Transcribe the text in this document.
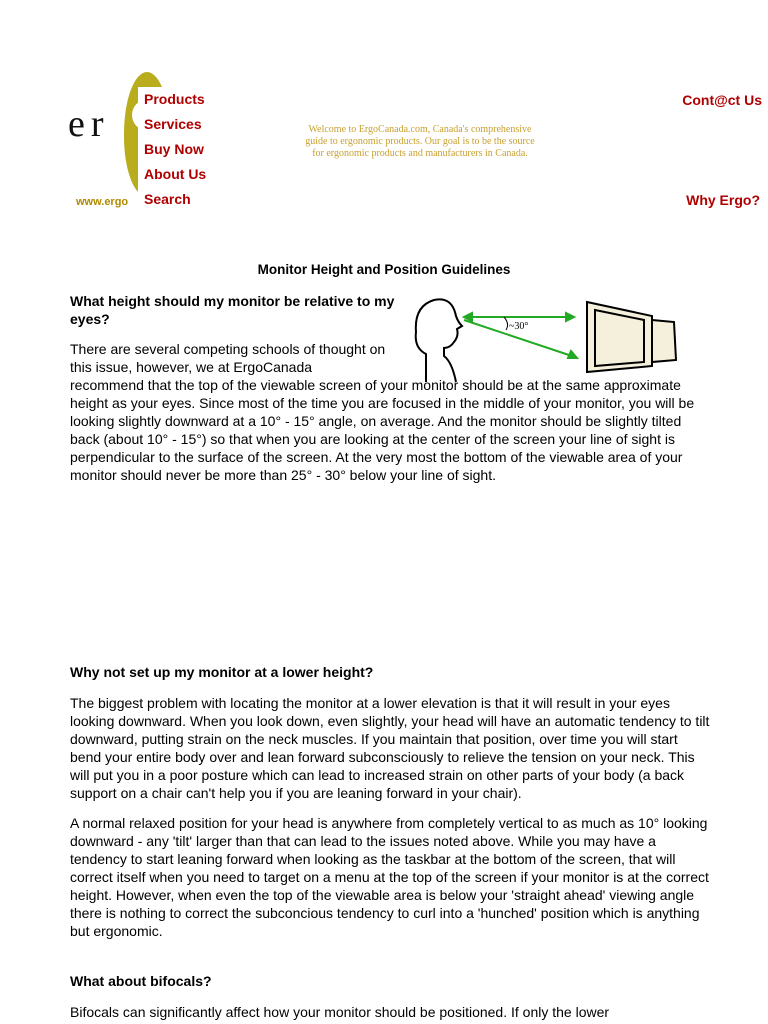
er
www.ergo
Products
Services
Buy Now
About Us
Search
Welcome to ErgoCanada.com, Canada's comprehensive guide to ergonomic products. Our goal is to be the source for ergonomic products and manufacturers in Canada.
Cont@ct Us
Why Ergo?
Monitor Height and Position Guidelines
~30°
What height should my monitor be relative to my eyes?

There are several competing schools of thought on this issue, however, we at ErgoCanada

recommend that the top of the viewable screen of your monitor should be at the same approximate height as your eyes. Since most of the time you are focused in the middle of your monitor, you will be looking slightly downward at a 10° - 15° angle, on average. And the monitor should be slightly tilted back (about 10° - 15°) so that when you are looking at the center of the screen your line of sight is perpendicular to the surface of the screen. At the very most the bottom of the viewable area of your monitor should never be more than 25° - 30° below your line of sight.

Why not set up my monitor at a lower height?

The biggest problem with locating the monitor at a lower elevation is that it will result in your eyes looking downward. When you look down, even slightly, your head will have an automatic tendency to tilt downward, putting strain on the neck muscles. If you maintain that position, over time you will start bend your entire body over and lean forward subconsciously to relieve the tension on your neck. This will put you in a poor posture which can lead to increased strain on other parts of your body (a back support on a chair can't help you if you are leaning forward in your chair).

A normal relaxed position for your head is anywhere from completely vertical to as much as 10° looking downward - any 'tilt' larger than that can lead to the issues noted above. While you may have a tendency to start leaning forward when looking as the taskbar at the bottom of the screen, that will correct itself when you need to target on a menu at the top of the screen if your monitor is at the correct height. However, when even the top of the viewable area is below your 'straight ahead' viewing angle there is nothing to correct the subconcious tendency to curl into a 'hunched' position which is anything but ergonomic.

What about bifocals?

Bifocals can significantly affect how your monitor should be positioned. If only the lower
